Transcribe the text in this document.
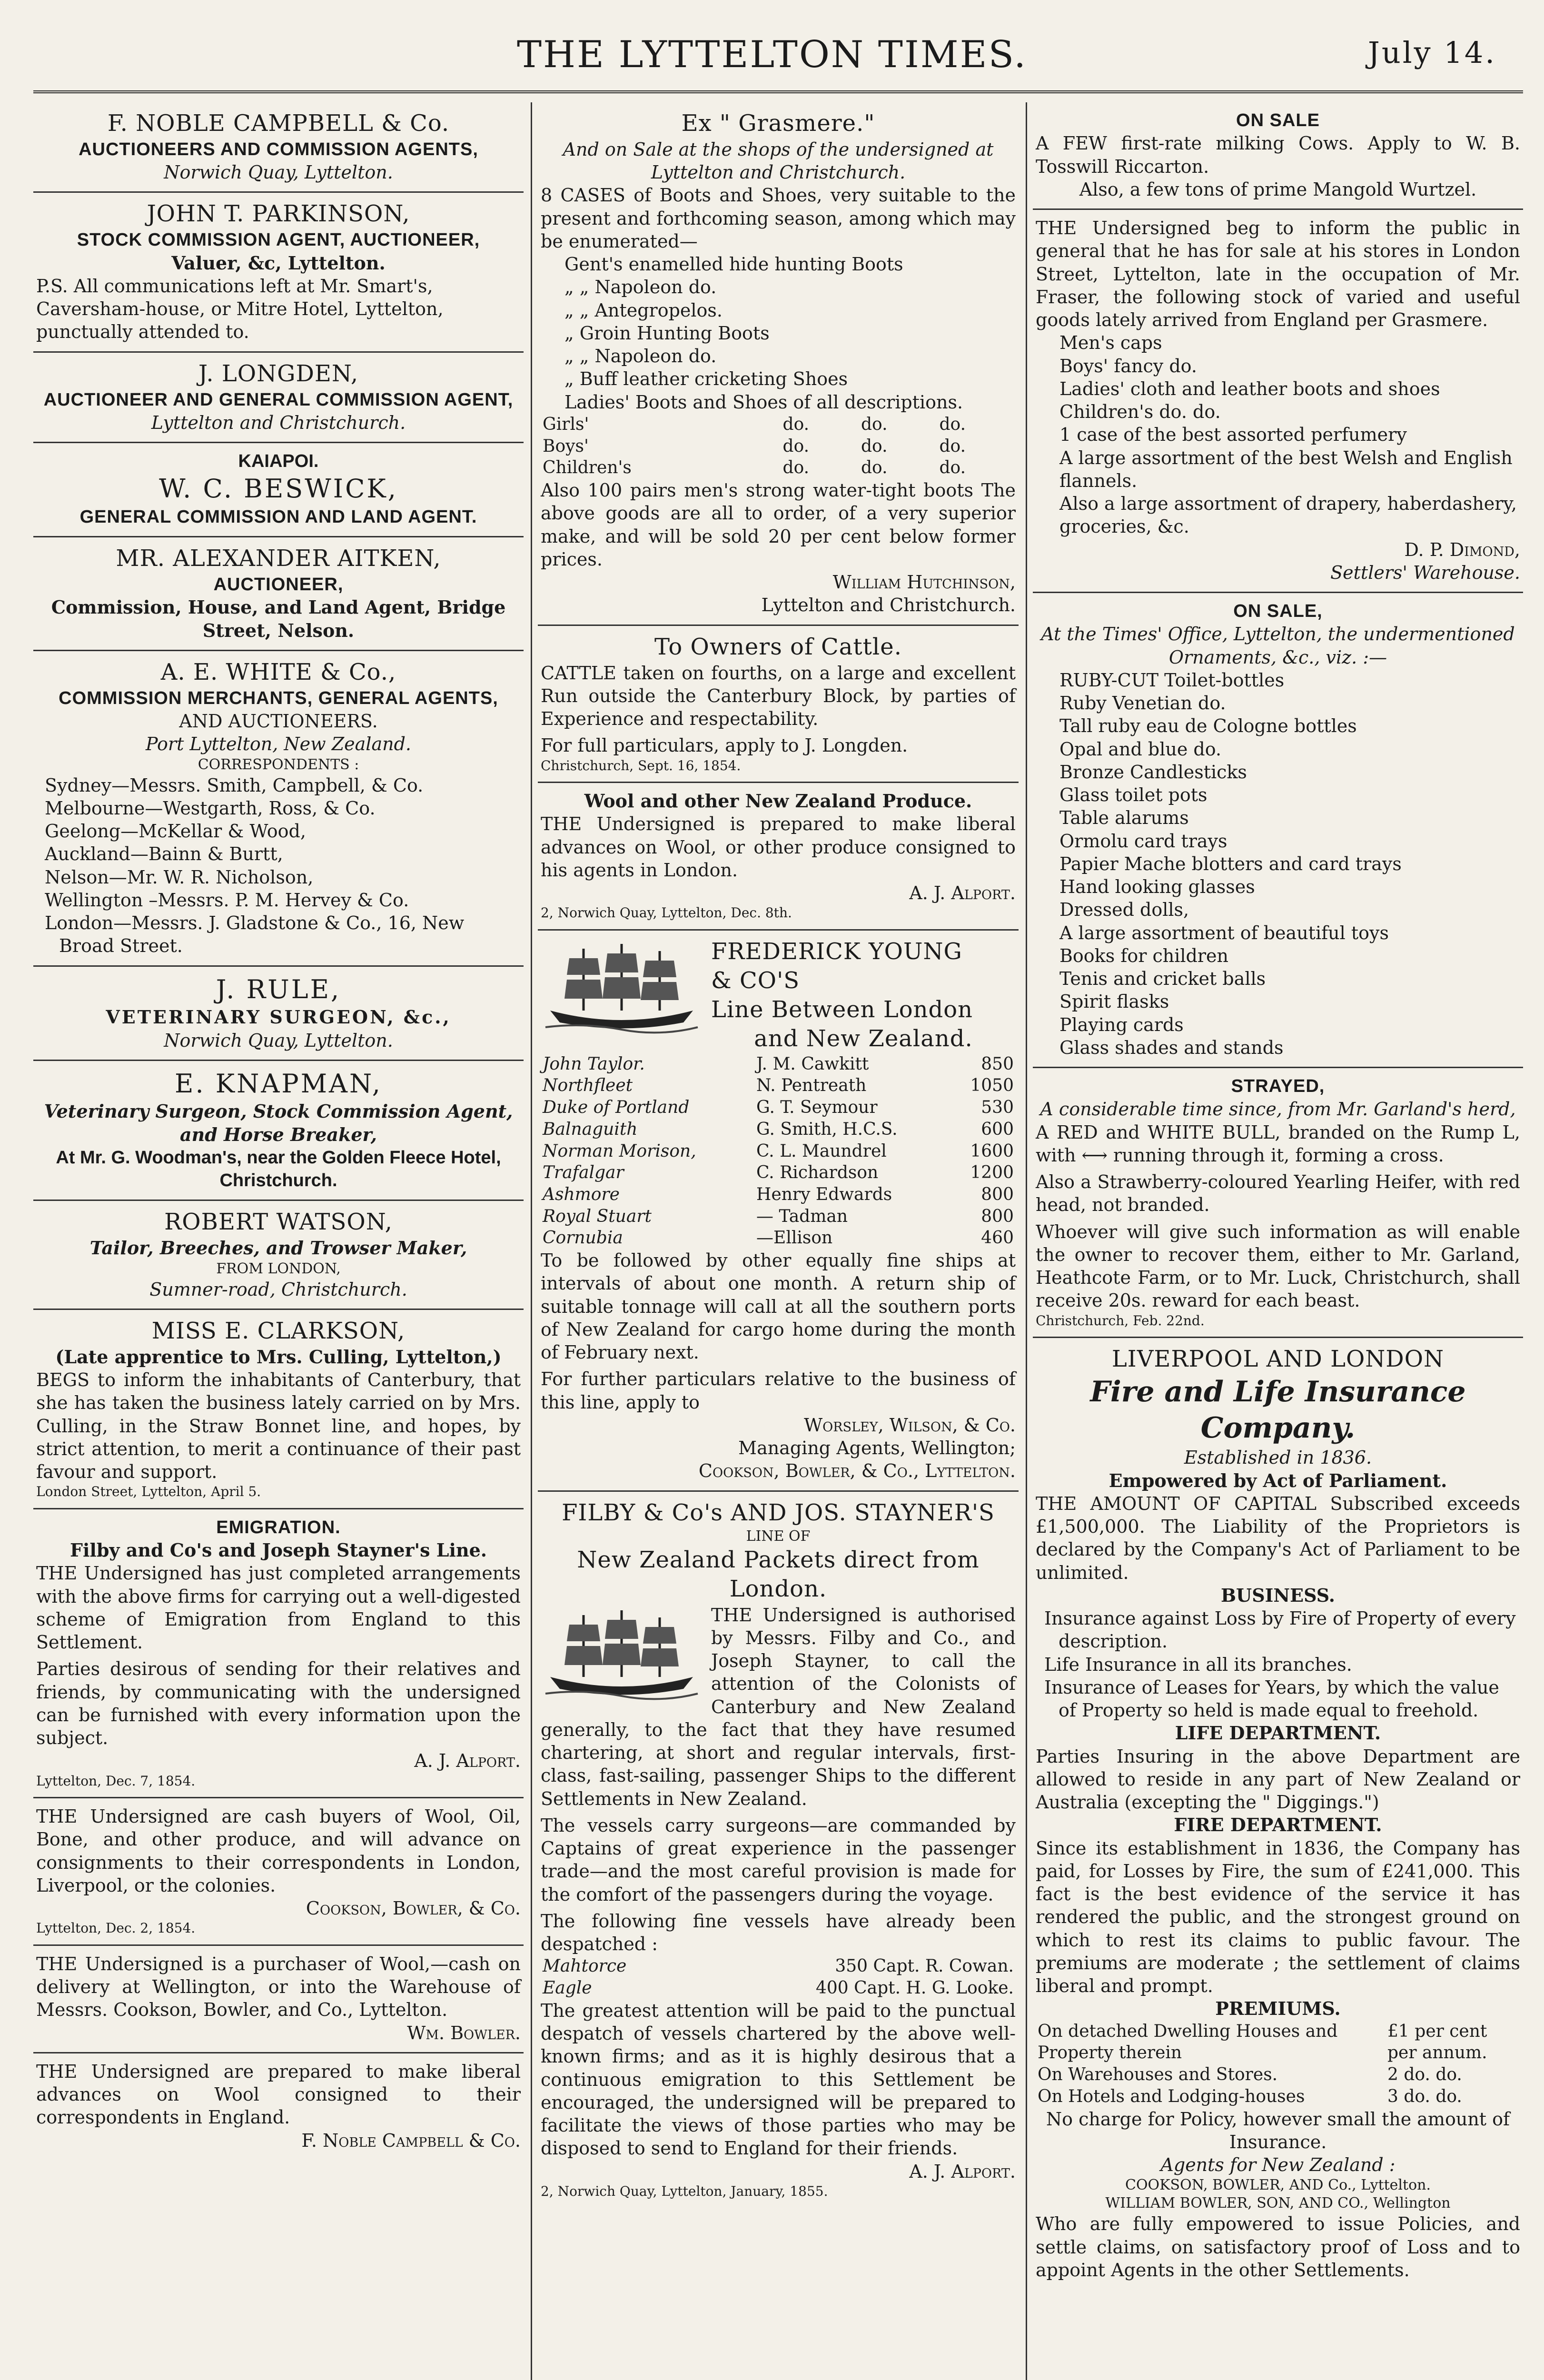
THE LYTTELTON TIMES.	July 14.
F. NOBLE CAMPBELL & Co.
AUCTIONEERS AND COMMISSION AGENTS,
Norwich Quay, Lyttelton.
JOHN T. PARKINSON,
STOCK COMMISSION AGENT, AUCTIONEER,
Valuer, &c, Lyttelton.

P.S. All communications left at Mr. Smart's, Caversham-house, or Mitre Hotel, Lyttelton, punctually attended to.

J. LONGDEN,
AUCTIONEER AND GENERAL COMMISSION AGENT,
Lyttelton and Christchurch.
KAIAPOI.
W. C. BESWICK,
GENERAL COMMISSION AND LAND AGENT.
MR. ALEXANDER AITKEN,
AUCTIONEER,
Commission, House, and Land Agent, Bridge Street, Nelson.
A. E. WHITE & Co.,
COMMISSION MERCHANTS, GENERAL AGENTS,
AND AUCTIONEERS.
Port Lyttelton, New Zealand.
CORRESPONDENTS :
Sydney—Messrs. Smith, Campbell, & Co.
Melbourne—Westgarth, Ross, & Co.
Geelong—McKellar & Wood,
Auckland—Bainn & Burtt,
Nelson—Mr. W. R. Nicholson,
Wellington –Messrs. P. M. Hervey & Co.
London—Messrs. J. Gladstone & Co., 16, New Broad Street.
J. RULE,
VETERINARY SURGEON, &c.,
Norwich Quay, Lyttelton.
E. KNAPMAN,
Veterinary Surgeon, Stock Commission Agent, and Horse Breaker,
At Mr. G. Woodman's, near the Golden Fleece Hotel, Christchurch.
ROBERT WATSON,
Tailor, Breeches, and Trowser Maker,
FROM LONDON,
Sumner-road, Christchurch.
MISS E. CLARKSON,
(Late apprentice to Mrs. Culling, Lyttelton,)

BEGS to inform the inhabitants of Canterbury, that she has taken the business lately carried on by Mrs. Culling, in the Straw Bonnet line, and hopes, by strict attention, to merit a continuance of their past favour and support.

London Street, Lyttelton, April 5.
EMIGRATION.
Filby and Co's and Joseph Stayner's Line.

THE Undersigned has just completed arrangements with the above firms for carrying out a well-digested scheme of Emigration from England to this Settlement.

Parties desirous of sending for their relatives and friends, by communicating with the undersigned can be furnished with every information upon the subject.

A. J. Alport.
Lyttelton, Dec. 7, 1854.

THE Undersigned are cash buyers of Wool, Oil, Bone, and other produce, and will advance on consignments to their correspondents in London, Liverpool, or the colonies.

Cookson, Bowler, & Co.
Lyttelton, Dec. 2, 1854.

THE Undersigned is a purchaser of Wool,—cash on delivery at Wellington, or into the Warehouse of Messrs. Cookson, Bowler, and Co., Lyttelton.

Wm. Bowler.

THE Undersigned are prepared to make liberal advances on Wool consigned to their correspondents in England.

F. Noble Campbell & Co.
Ex " Grasmere."
And on Sale at the shops of the undersigned at Lyttelton and Christchurch.

8 CASES of Boots and Shoes, very suitable to the present and forthcoming season, among which may be enumerated—

Gent's enamelled hide hunting Boots
„ „ Napoleon do.
„ „ Antegropelos.
„ Groin Hunting Boots
„ „ Napoleon do.
„ Buff leather cricketing Shoes
Ladies' Boots and Shoes of all descriptions.
Girls'	do.	do.	do.
Boys'	do.	do.	do.
Children's	do.	do.	do.

Also 100 pairs men's strong water-tight boots The above goods are all to order, of a very superior make, and will be sold 20 per cent below former prices.

William Hutchinson,
Lyttelton and Christchurch.
To Owners of Cattle.

CATTLE taken on fourths, on a large and excellent Run outside the Canterbury Block, by parties of Experience and respectability.

For full particulars, apply to J. Longden.

Christchurch, Sept. 16, 1854.
Wool and other New Zealand Produce.

THE Undersigned is prepared to make liberal advances on Wool, or other produce consigned to his agents in London.

A. J. Alport.
2, Norwich Quay, Lyttelton, Dec. 8th.
FREDERICK YOUNG
& CO'S
Line Between London
and New Zealand.
John Taylor.	J. M. Cawkitt	850
Northfleet	N. Pentreath	1050
Duke of Portland	G. T. Seymour	530
Balnaguith	G. Smith, H.C.S.	600
Norman Morison,	C. L. Maundrel	1600
Trafalgar	C. Richardson	1200
Ashmore	Henry Edwards	800
Royal Stuart	— Tadman	800
Cornubia	—Ellison	460

To be followed by other equally fine ships at intervals of about one month. A return ship of suitable tonnage will call at all the southern ports of New Zealand for cargo home during the month of February next.

For further particulars relative to the business of this line, apply to

Worsley, Wilson, & Co.
Managing Agents, Wellington;
Cookson, Bowler, & Co., Lyttelton.
FILBY & Co's AND JOS. STAYNER'S
LINE OF
New Zealand Packets direct from London.

THE Undersigned is authorised by Messrs. Filby and Co., and Joseph Stayner, to call the attention of the Colonists of Canterbury and New Zealand generally, to the fact that they have resumed chartering, at short and regular intervals, first-class, fast-sailing, passenger Ships to the different Settlements in New Zealand.

The vessels carry surgeons—are commanded by Captains of great experience in the passenger trade—and the most careful provision is made for the comfort of the passengers during the voyage.

The following fine vessels have already been despatched :

Mahtorce	350 Capt. R. Cowan.
Eagle	400 Capt. H. G. Looke.

The greatest attention will be paid to the punctual despatch of vessels chartered by the above well-known firms; and as it is highly desirous that a continuous emigration to this Settlement be encouraged, the undersigned will be prepared to facilitate the views of those parties who may be disposed to send to England for their friends.

A. J. Alport.
2, Norwich Quay, Lyttelton, January, 1855.
ON SALE

A FEW first-rate milking Cows. Apply to W. B. Tosswill Riccarton.

Also, a few tons of prime Mangold Wurtzel.

THE Undersigned beg to inform the public in general that he has for sale at his stores in London Street, Lyttelton, late in the occupation of Mr. Fraser, the following stock of varied and useful goods lately arrived from England per Grasmere.

Men's caps
Boys' fancy do.
Ladies' cloth and leather boots and shoes
Children's do. do.
1 case of the best assorted perfumery
A large assortment of the best Welsh and English flannels.
Also a large assortment of drapery, haberdashery, groceries, &c.
D. P. Dimond,
Settlers' Warehouse.
ON SALE,
At the Times' Office, Lyttelton, the undermentioned Ornaments, &c., viz. :—
RUBY-CUT Toilet-bottles
Ruby Venetian do.
Tall ruby eau de Cologne bottles
Opal and blue do.
Bronze Candlesticks
Glass toilet pots
Table alarums
Ormolu card trays
Papier Mache blotters and card trays
Hand looking glasses
Dressed dolls,
A large assortment of beautiful toys
Books for children
Tenis and cricket balls
Spirit flasks
Playing cards
Glass shades and stands
STRAYED,
A considerable time since, from Mr. Garland's herd,

A RED and WHITE BULL, branded on the Rump L, with ⟷ running through it, forming a cross.

Also a Strawberry-coloured Yearling Heifer, with red head, not branded.

Whoever will give such information as will enable the owner to recover them, either to Mr. Garland, Heathcote Farm, or to Mr. Luck, Christchurch, shall receive 20s. reward for each beast.

Christchurch, Feb. 22nd.
LIVERPOOL AND LONDON
Fire and Life Insurance Company.
Established in 1836.
Empowered by Act of Parliament.

THE AMOUNT OF CAPITAL Subscribed exceeds £1,500,000. The Liability of the Proprietors is declared by the Company's Act of Parliament to be unlimited.

BUSINESS.
Insurance against Loss by Fire of Property of every description.
Life Insurance in all its branches.
Insurance of Leases for Years, by which the value of Property so held is made equal to freehold.
LIFE DEPARTMENT.

Parties Insuring in the above Department are allowed to reside in any part of New Zealand or Australia (excepting the " Diggings.")

FIRE DEPARTMENT.

Since its establishment in 1836, the Company has paid, for Losses by Fire, the sum of £241,000. This fact is the best evidence of the service it has rendered the public, and the strongest ground on which to rest its claims to public favour. The premiums are moderate ; the settlement of claims liberal and prompt.

PREMIUMS.
On detached Dwelling Houses and Property therein	£1 per cent per annum.
On Warehouses and Stores.	2 do. do.
On Hotels and Lodging-houses	3 do. do.
No charge for Policy, however small the amount of Insurance.
Agents for New Zealand :
COOKSON, BOWLER, AND Co., Lyttelton.
WILLIAM BOWLER, SON, AND CO., Wellington

Who are fully empowered to issue Policies, and settle claims, on satisfactory proof of Loss and to appoint Agents in the other Settlements.
